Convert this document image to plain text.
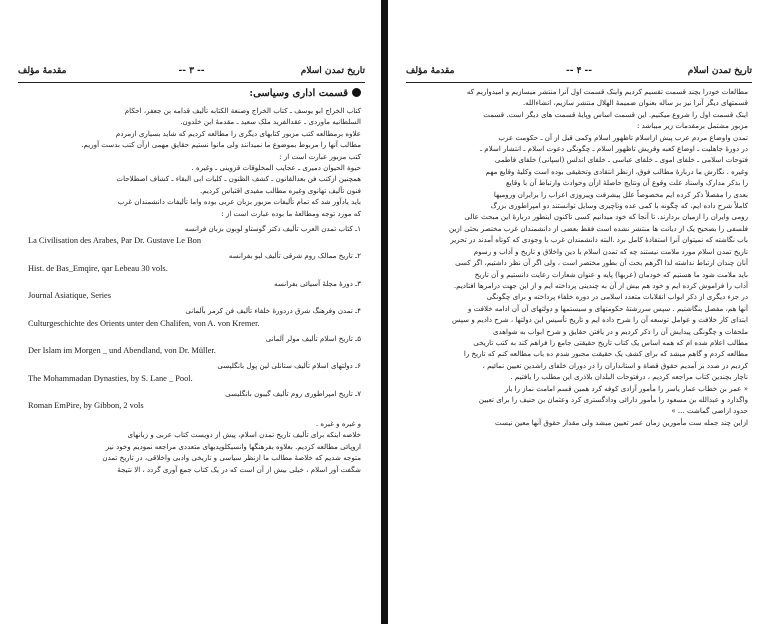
تاریخ تمدن اسلام
-- ۳ --
مقدمهٔ مؤلف
قسمت اداری وسیاسی:
کتاب الخراج ابو یوسف ـ کتاب الخراج وصنعة الکتابه تألیف قدامه بن جعفر، احکام
السلطانیه ماوردی ـ عقدالفرید ملک سعید ـ مقدمهٔ ابن خلدون.
علاوه برمطالعه کتب مزبور کتابهای دیگری را مطالعه کردیم که شاید بسیاری ازمردم
مطالب آنها را مربوط بموضوع ما نمیدانند ولی مانوا نستیم حقایق مهمی ازآن کتب بدست آوریم.
کتب مزبور عبارت است از :
حیوة الحیوان دمیری ـ عجایب المخلوقات قزوینی ـ وغیره .
همچنین ازکتب فن بعدالقانون ـ کشف الظنون ـ کلیات ابی البقاء ـ کشاف اصطلاحات
فنون تألیف تهانوی وغیره مطالب مفیدی اقتباس کردیم.
باید یادآور شد که تمام تألیفات مزبور بزبان عربی بوده واما تألیفات دانشمندان غرب
که مورد توجه ومطالعهٔ ما بوده عبارت است از :
۱ـ کتاب تمدن العرب تألیف دکتر گوستاو لوبون بزبان فرانسه
La Civilisation des Arabes, Par Dr. Gustave Le Bon
۲ـ تاریخ ممالک روم شرقی تألیف لبو بفرانسه
Hist. de Bas_Emqire, qar Lebeau 30 vols.
۳ـ دورهٔ مجلهٔ آسیائی بفرانسه
Journal Asiatique, Series
۴ـ تمدن وفرهنگ شرق دردورهٔ خلفاء تألیف فن کرمر بآلمانی
Culturgeschichte des Orients unter den Chalifen, von A. von Kremer.
۵ـ تاریخ اسلام تألیف مولر آلمانی
Der Islam im Morgen _ und Abendland, von Dr. Müller.
۶ـ دولتهای اسلام تألیف ستانلی لین پول بانگلیسی
The Mohammadan Dynasties, by S. Lane _ Pool.
۷ـ تاریخ امپراطوری روم تألیف گیبون بانگلیسی
Roman EmPire, by Gibbon, 2 vols
و غیره و غیره .
خلاصه اینکه برای تألیف تاریخ تمدن اسلام، پیش از دویست کتاب عربی و زبانهای
اروپائی مطالعه کردیم. بعلاوه بفرهنگها وانسیکلوپدیهای متعددی مراجعه نمودیم وخود نیز
متوجه شدیم که خلاصهٔ مطالب ما ازنظر سیاسی و تاریخی وادبی واخلاقی، در تاریخ تمدن
شگفت آور اسلام ، خیلی بیش از آن است که در یک کتاب جمع آوری گردد ، الا نتیجهٔ
تاریخ تمدن اسلام
-- ۴ --
مقدمهٔ مؤلف
مطالعات خودرا بچند قسمت تقسیم کردیم واینک قسمت اول آنرا منتشر میسازیم و امیدواریم که
قسمتهای دیگر آنرا نیز بر ساله بعنوان ضمیمهٔ الهلال منتشر سازیم، انشاءالله.
اینک قسمت اول را شروع میکنیم. این قسمت اساس وپایهٔ قسمت های دیگر است. قسمت
مزبور مشتمل برمقدمات زیر میباشد :
تمدن واوضاع مردم عرب پیش ازاسلام تاظهور اسلام وکمی قبل از آن ـ حکومت عرب
در دورهٔ جاهلیت ـ اوضاع کعبه وقریش تاظهور اسلام ـ چگونگی دعوت اسلام ـ انتشار اسلام ـ
فتوحات اسلامی ـ خلفای اموی ـ خلفای عباسی ـ خلفای اندلس (اسپانی) خلفای فاطمی
وغیره . نگارش ما دربارهٔ مطالب فوق، ازنظر انتقادی وتحقیقی بوده است وکلیهٔ وقایع مهم
را بذکر مدارک واسناد علت وقوع آن ونتایج حاصلهٔ ازآن وحوادث وارتباط آن با وقایع
بعدی را مفصلاً ذکر کرده ایم مخصوصاً علل پیشرفت وپیروزی اعراب را برایران ورومیها
کاملاً شرح داده ایم، که چگونه با کمی عده وناچیزی وسایل توانستند دو امپراطوری بزرگ
رومی وایران را ازمیان بردارند. تا آنجا که خود میدانیم کسی تاکنون اینطور دربارهٔ این مبحث عالی
فلسفی را بصحیح یک از دیانت ها منتشر نشده است فقط بعضی از دانشمندان غرب مختصر بحثی ازین
باب نگاشته که نمیتوان آنرا استفادهٔ کامل برد .البته دانشمندان غرب با وجودی که کوتاه آمدند در تحریر
تاریخ تمدن اسلام مورد ملامت نیستند چه که تمدن اسلام با دین واخلاق و تاریخ و آداب و رسوم
آنان چندان ارتباط نداشته لذا اگرهم بحث آن بطور مختصر است ، ولی اگر آن نظر داشتیم، اگر کسی
باید ملامت شود ما هستیم که خودمان (عربها) پایه و عنوان شعارات رعایت دانستیم و آن تاریخ
آداب را فراموش کرده ایم و خود هم بیش از آن به چندینی پرداخته ایم و از این جهت درامرها افتادیم.
در جزء دیگری از ذکر ابواب انقلابات متعدد اسلامی در دوره خلفاء پرداخته و برای چگونگی
آنها هم، مفصل بنگاشتیم . سپس سررشتهٔ حکومتهای و سیستمها و دولتهای آن آن ادامه خلافت و
ابتدای کار خلافت و عوامل توسعه آن را شرح داده ایم و تاریخ تأسیس این دولتها ، شرح دادیم و سپس
ملحقات و چگونگی پیدایش آن را ذکر کردیم و در یافتن حقایق و شرح ابواب به شواهدی
مطالب اعلام شده ام که همه اساس یک کتاب تاریخ حقیقتی جامع را فراهم کند به کتب تاریخی
مطالعه کردم و گاهم میشد که برای کشف یک حقیقت مجبور شدم ده باب مطالعه کنم که تاریخ را
کردیم در صدد بر آمدیم حقوق قضاة و استانداران را در دوران خلفای راشدین تعیین نمائیم ،
ناچار بچندین کتاب مراجعه کردیم ، درفتوحات البلدان بلاذری این مطلب را یافتیم .
« عمر بن خطاب عمار یاسر را مأمور آزادی کوفه کرد همین قسم امامت نماز را بار
واگذارد و عبدالله بن مسعود را مأمور دارائی ودادگستری کرد وعثمان بن حنیف را برای تعیین
حدود اراضی گماشت ... »
ازاین چند جمله ست مأمورین زمان عمر تعیین میشد ولی مقدار حقوق آنها معین نیست
